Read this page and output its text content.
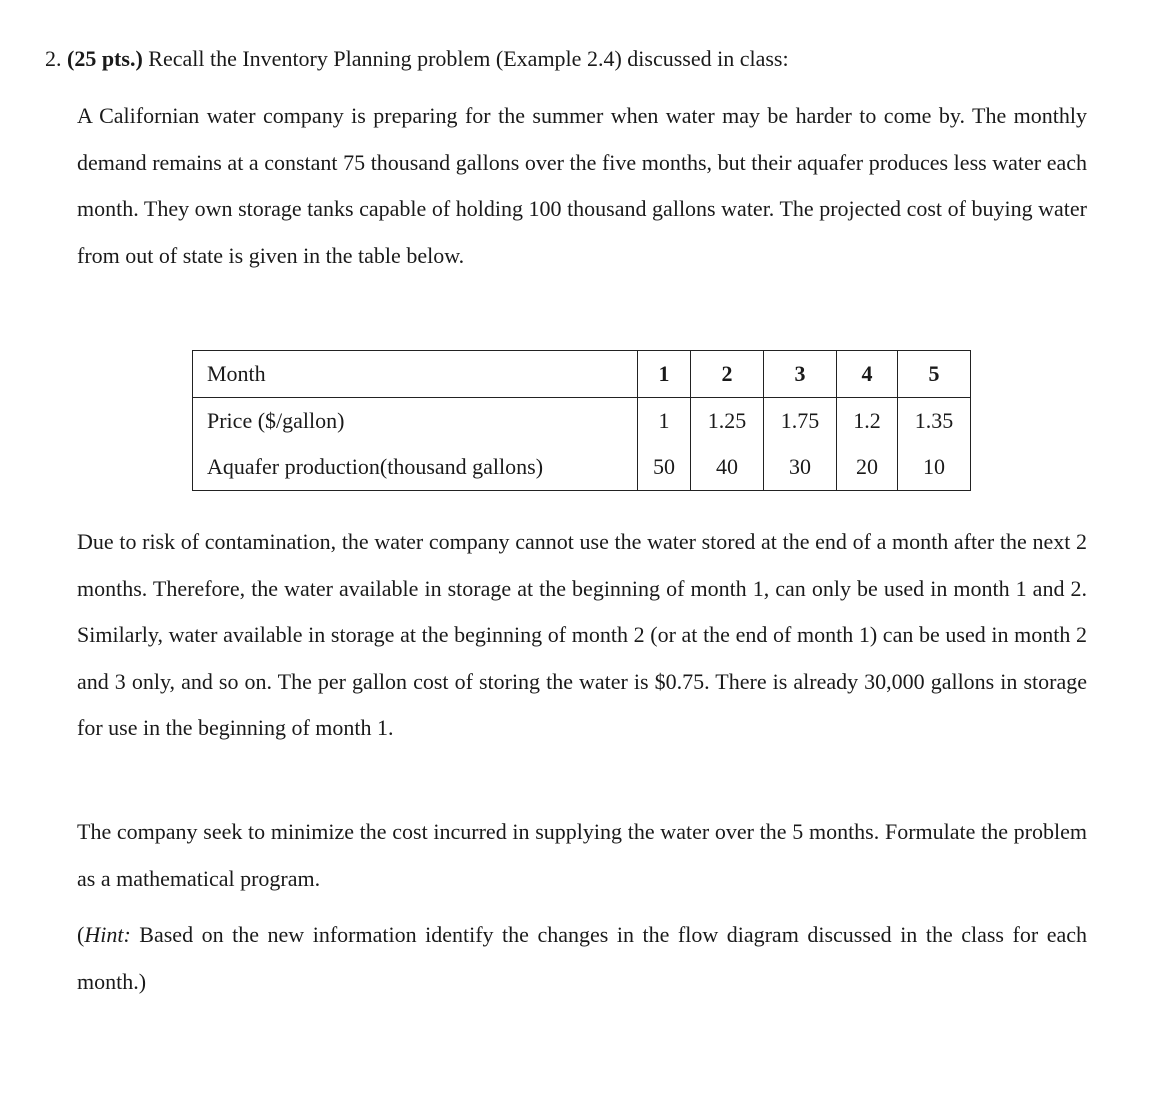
2. (25 pts.) Recall the Inventory Planning problem (Example 2.4) discussed in class:

A Californian water company is preparing for the summer when water may be harder to come by. The monthly demand remains at a constant 75 thousand gallons over the five months, but their aquafer produces less water each month. They own storage tanks capable of holding 100 thousand gallons water. The projected cost of buying water from out of state is given in the table below.

Month	1	2	3	4	5
Price ($/gallon)	1	1.25	1.75	1.2	1.35
Aquafer production(thousand gallons)	50	40	30	20	10

Due to risk of contamination, the water company cannot use the water stored at the end of a month after the next 2 months. Therefore, the water available in storage at the beginning of month 1, can only be used in month 1 and 2. Similarly, water available in storage at the beginning of month 2 (or at the end of month 1) can be used in month 2 and 3 only, and so on. The per gallon cost of storing the water is $0.75. There is already 30,000 gallons in storage for use in the beginning of month 1.

The company seek to minimize the cost incurred in supplying the water over the 5 months. Formulate the problem as a mathematical program.

(Hint: Based on the new information identify the changes in the flow diagram discussed in the class for each month.)
